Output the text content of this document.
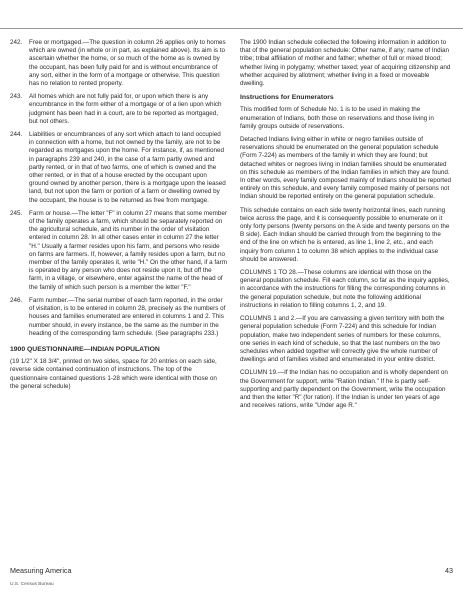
242.	Free or mortgaged.—The question in column 26 applies only to homes which are owned (in whole or in part, as explained above). Its aim is to ascertain whether the home, or so much of the home as is owned by the occupant, has been fully paid for and is without encumbrance of any sort, either in the form of a mortgage or otherwise. This question has no relation to rented property.
243.	All homes which are not fully paid for, or upon which there is any encumbrance in the form either of a mortgage or of a lien upon which judgment has been had in a court, are to be reported as mortgaged, but not others.
244.	Liabilities or encumbrances of any sort which attach to land occupied in connection with a home, but not owned by the family, are not to be regarded as mortgages upon the home. For instance, if, as mentioned in paragraphs 239 and 240, in the case of a farm partly owned and partly rented, or in that of two farms, one of which is owned and the other rented, or in that of a house erected by the occupant upon ground owned by another person, there is a mortgage upon the leased land, but not upon the farm or portion of a farm or dwelling owned by the occupant, the house is to be returned as free from mortgage.
245.	Farm or house.—The letter "F" in column 27 means that some member of the family operates a farm, which should be separately reported on the agricultural schedule, and its number in the order of visitation entered in column 28. In all other cases enter in column 27 the letter "H." Usually a farmer resides upon his farm, and persons who reside on farms are farmers. If, however, a family resides upon a farm, but no member of the family operates it, write "H." On the other hand, if a farm is operated by any person who does not reside upon it, but off the farm, in a village, or elsewhere, enter against the name of the head of the family of which such person is a member the letter "F."
246.	Farm number.—The serial number of each farm reported, in the order of visitation, is to be entered in column 28, precisely as the numbers of houses and families enumerated are entered in columns 1 and 2. This number should, in every instance, be the same as the number in the heading of the corresponding farm schedule. (See paragraphs 233.)
1900 QUESTIONNAIRE—INDIAN POPULATION
(19 1/2" X 18 3/4", printed on two sides, space for 20 entries on each side, reverse side contained continuation of instructions. The top of the questionnaire contained questions 1-28 which were identical with those on the general schedule)
The 1900 Indian schedule collected the following information in addition to that of the general population schedule: Other name, if any; name of Indian tribe; tribal affiliation of mother and father; whether of full or mixed blood; whether living in polygamy; whether taxed; year of acquiring citizenship and whether acquired by allotment; whether living in a fixed or moveable dwelling.
Instructions for Enumerators
This modified form of Schedule No. 1 is to be used in making the enumeration of Indians, both those on reservations and those living in family groups outside of reservations.
Detached Indians living either in white or negro families outside of reservations should be enumerated on the general population schedule (Form 7-224) as members of the family in which they are found; but detached whites or negroes living in Indian families should be enumerated on this schedule as members of the Indian families in which they are found. In other words, every family composed mainly of Indians should be reported entirely on this schedule, and every family composed mainly of persons not Indian should be reported entirely on the general population schedule.
This schedule contains on each side twenty horizontal lines, each running twice across the page, and it is consequently possible to enumerate on it only forty persons (twenty persons on the A side and twenty persons on the B side). Each Indian should be carried through from the beginning to the end of the line on which he is entered, as line 1, line 2, etc., and each inquiry from column 1 to column 38 which applies to the individual case should be answered.
COLUMNS 1 TO 28.—These columns are identical with those on the general population schedule. Fill each column, so far as the inquiry applies, in accordance with the instructions for filling the corresponding columns in the general population schedule, but note the following additional instructions in relation to filling columns 1, 2, and 19.
COLUMNS 1 and 2.—If you are canvassing a given territory with both the general population schedule (Form 7-224) and this schedule for Indian population, make two independent series of numbers for these columns, one series in each kind of schedule, so that the last numbers on the two schedules when added together will correctly give the whole number of dwellings and of families visited and enumerated in your entire district.
COLUMN 19.—If the Indian has no occupation and is wholly dependent on the Government for support, write "Ration Indian." If he is partly self-supporting and partly dependent on the Government, write the occupation and then the letter "R" (for ration). If the Indian is under ten years of age and receives rations, write "Under age R."
Measuring America	43
U.S. Census Bureau
